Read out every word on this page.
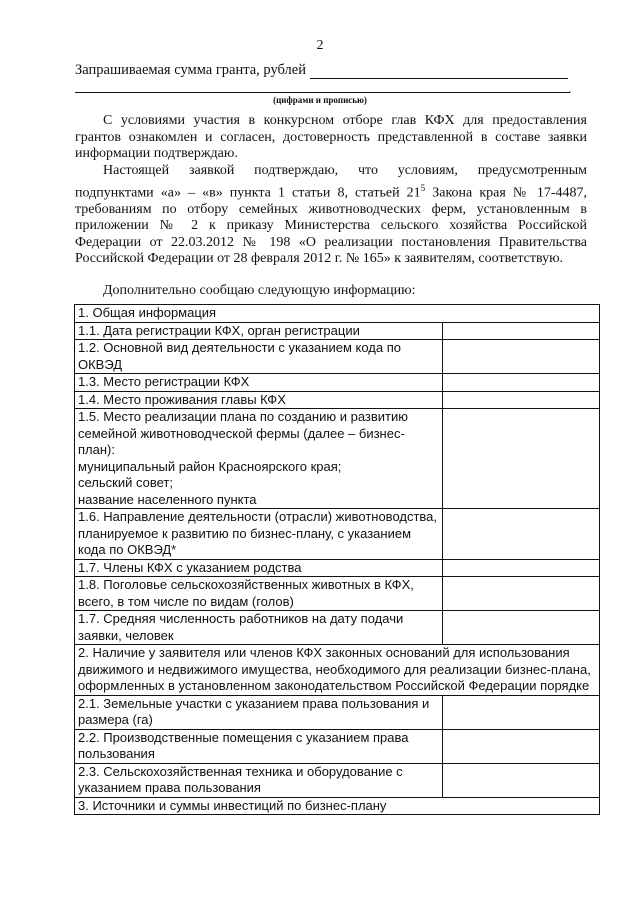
2
Запрашиваемая сумма гранта, рублей
.
(цифрами и прописью)

С условиями участия в конкурсном отборе глав КФХ для предоставления грантов ознакомлен и согласен, достоверность представленной в составе заявки информации подтверждаю.

Настоящей заявкой подтверждаю, что условиям, предусмотренным подпунктами «а» – «в» пункта 1 статьи 8, статьей $21^5$ Закона края № 17-4487, требованиям по отбору семейных животноводческих ферм, установленным в приложении № 2 к приказу Министерства сельского хозяйства Российской Федерации от 22.03.2012 № 198 «О реализации постановления Правительства Российской Федерации от 28 февраля 2012 г. № 165» к заявителям, соответствую.

Дополнительно сообщаю следующую информацию:

1. Общая информация	
1.1. Дата регистрации КФХ, орган регистрации	
1.2. Основной вид деятельности с указанием кода по ОКВЭД	
1.3. Место регистрации КФХ	
1.4. Место проживания главы КФХ	
1.5. Место реализации плана по созданию и развитию семейной животноводческой фермы (далее – бизнес-план):
муниципальный район Красноярского края;
сельский совет;
название населенного пункта	
1.6. Направление деятельности (отрасли) животноводства, планируемое к развитию по бизнес-плану, с указанием кода по ОКВЭД*	
1.7. Члены КФХ с указанием родства	
1.8. Поголовье сельскохозяйственных животных в КФХ, всего, в том числе по видам (голов)	
1.7. Средняя численность работников на дату подачи заявки, человек	
2. Наличие у заявителя или членов КФХ законных оснований для использования движимого и недвижимого имущества, необходимого для реализации бизнес-плана, оформленных в установленном законодательством Российской Федерации порядке	
2.1. Земельные участки с указанием права пользования и размера (га)	
2.2. Производственные помещения с указанием права пользования	
2.3. Сельскохозяйственная техника и оборудование с указанием права пользования	
3. Источники и суммы инвестиций по бизнес-плану	
